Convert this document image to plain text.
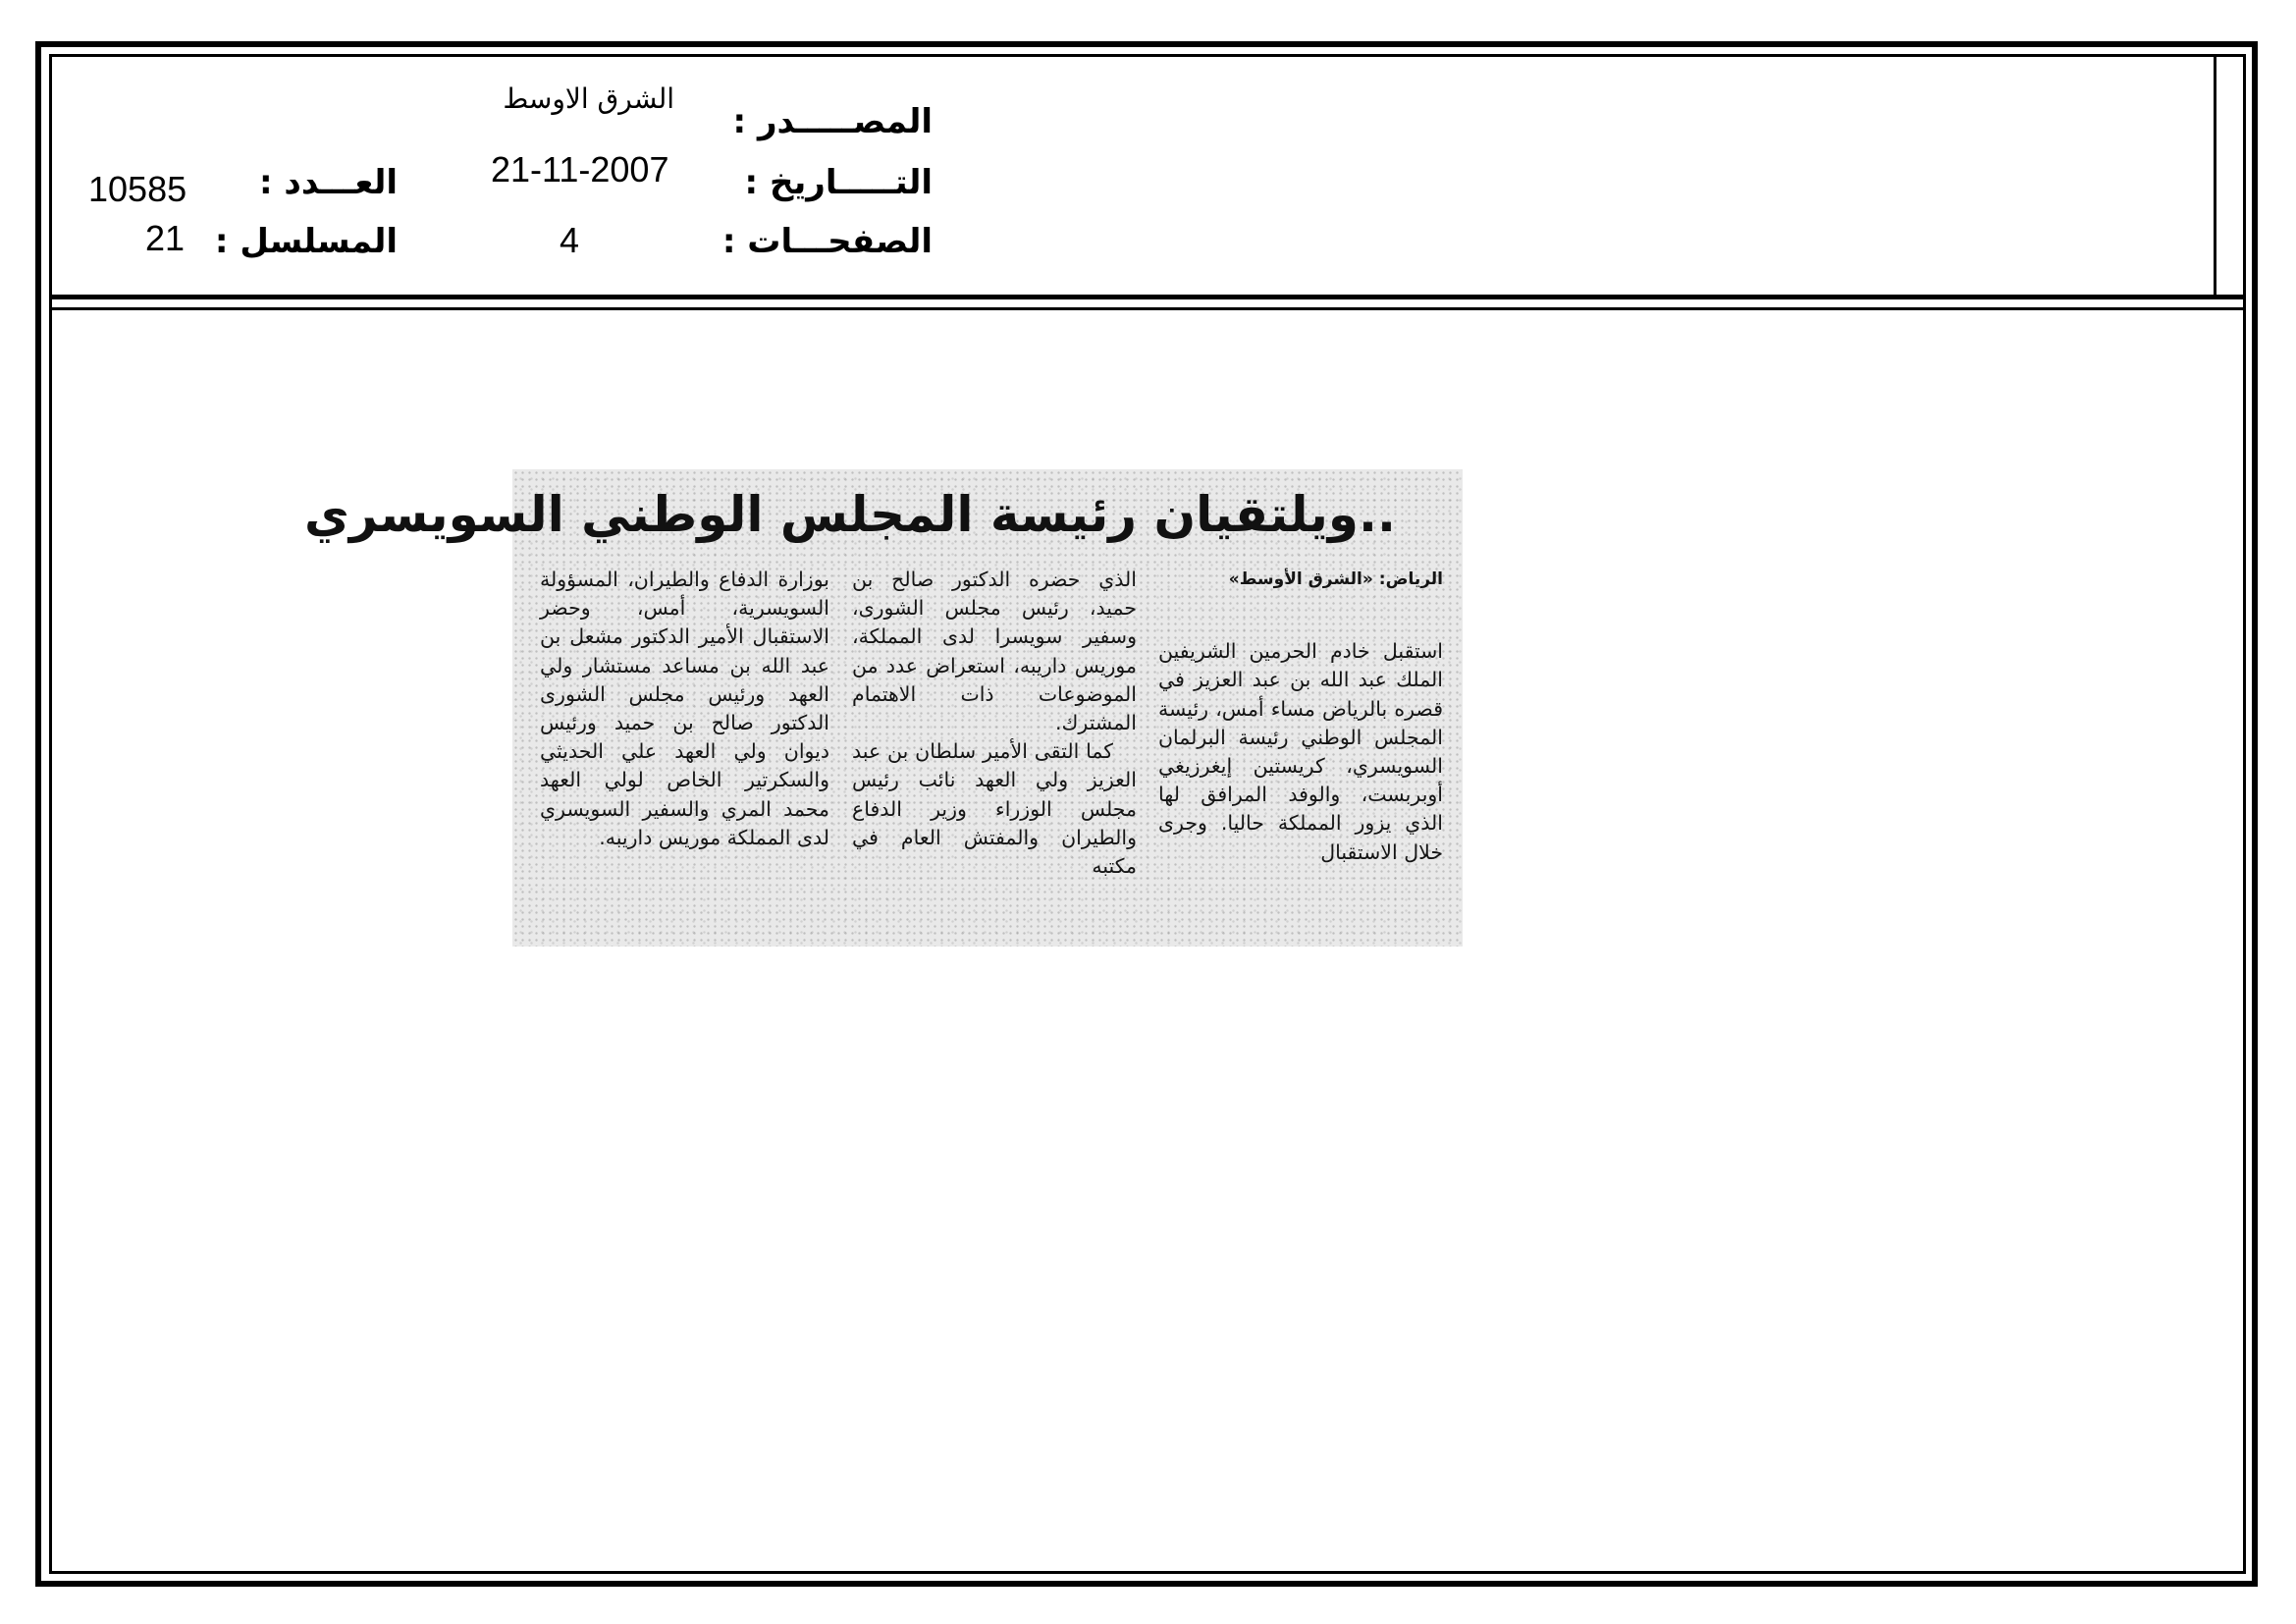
المصـــــدر :
التـــــاريخ :
الصفحـــات :
العـــدد :
المسلسل :
الشرق الاوسط
21-11-2007
4
10585
21
..ويلتقيان رئيسة المجلس الوطني السويسري

الرياض: «الشرق الأوسط»

استقبل خادم الحرمين الشريفين الملك عبد الله بن عبد العزيز في قصره بالرياض مساء أمس، رئيسة المجلس الوطني رئيسة البرلمان السويسري، كريستين إيغرزيغي أوبربست، والوفد المرافق لها الذي يزور المملكة حاليا. وجرى خلال الاستقبال

الذي حضره الدكتور صالح بن حميد، رئيس مجلس الشورى، وسفير سويسرا لدى المملكة، موريس داريبه، استعراض عدد من الموضوعات ذات الاهتمام المشترك.

كما التقى الأمير سلطان بن عبد العزيز ولي العهد نائب رئيس مجلس الوزراء وزير الدفاع والطيران والمفتش العام في مكتبه

بوزارة الدفاع والطيران، المسؤولة السويسرية، أمس، وحضر الاستقبال الأمير الدكتور مشعل بن عبد الله بن مساعد مستشار ولي العهد ورئيس مجلس الشورى الدكتور صالح بن حميد ورئيس ديوان ولي العهد علي الحديثي والسكرتير الخاص لولي العهد محمد المري والسفير السويسري لدى المملكة موريس داريبه.
